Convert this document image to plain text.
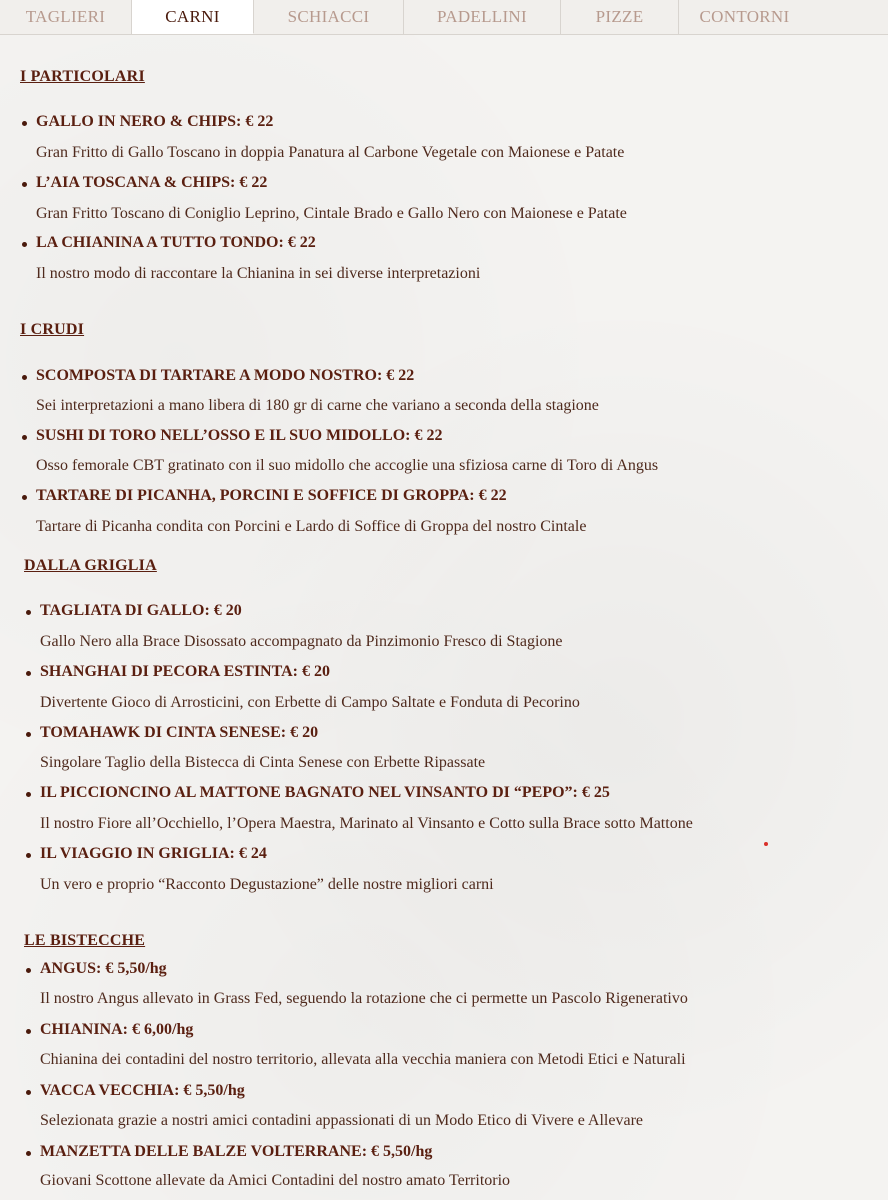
TAGLIERI	CARNI	SCHIACCI	PADELLINI	PIZZE	CONTORNI
I PARTICOLARI
GALLO IN NERO & CHIPS: € 22
Gran Fritto di Gallo Toscano in doppia Panatura al Carbone Vegetale con Maionese e Patate
L’AIA TOSCANA & CHIPS: € 22
Gran Fritto Toscano di Coniglio Leprino, Cintale Brado e Gallo Nero con Maionese e Patate
LA CHIANINA A TUTTO TONDO: € 22
Il nostro modo di raccontare la Chianina in sei diverse interpretazioni
I CRUDI
SCOMPOSTA DI TARTARE A MODO NOSTRO: € 22
Sei interpretazioni a mano libera di 180 gr di carne che variano a seconda della stagione
SUSHI DI TORO NELL’OSSO E IL SUO MIDOLLO: € 22
Osso femorale CBT gratinato con il suo midollo che accoglie una sfiziosa carne di Toro di Angus
TARTARE DI PICANHA, PORCINI E SOFFICE DI GROPPA: € 22
Tartare di Picanha condita con Porcini e Lardo di Soffice di Groppa del nostro Cintale
DALLA GRIGLIA
TAGLIATA DI GALLO: € 20
Gallo Nero alla Brace Disossato accompagnato da Pinzimonio Fresco di Stagione
SHANGHAI DI PECORA ESTINTA: € 20
Divertente Gioco di Arrosticini, con Erbette di Campo Saltate e Fonduta di Pecorino
TOMAHAWK DI CINTA SENESE: € 20
Singolare Taglio della Bistecca di Cinta Senese con Erbette Ripassate
IL PICCIONCINO AL MATTONE BAGNATO NEL VINSANTO DI “PEPO”: € 25
Il nostro Fiore all’Occhiello, l’Opera Maestra, Marinato al Vinsanto e Cotto sulla Brace sotto Mattone
IL VIAGGIO IN GRIGLIA: € 24
Un vero e proprio “Racconto Degustazione” delle nostre migliori carni
LE BISTECCHE
ANGUS: € 5,50/hg
Il nostro Angus allevato in Grass Fed, seguendo la rotazione che ci permette un Pascolo Rigenerativo
CHIANINA: € 6,00/hg
Chianina dei contadini del nostro territorio, allevata alla vecchia maniera con Metodi Etici e Naturali
VACCA VECCHIA: € 5,50/hg
Selezionata grazie a nostri amici contadini appassionati di un Modo Etico di Vivere e Allevare
MANZETTA DELLE BALZE VOLTERRANE: € 5,50/hg
Giovani Scottone allevate da Amici Contadini del nostro amato Territorio
